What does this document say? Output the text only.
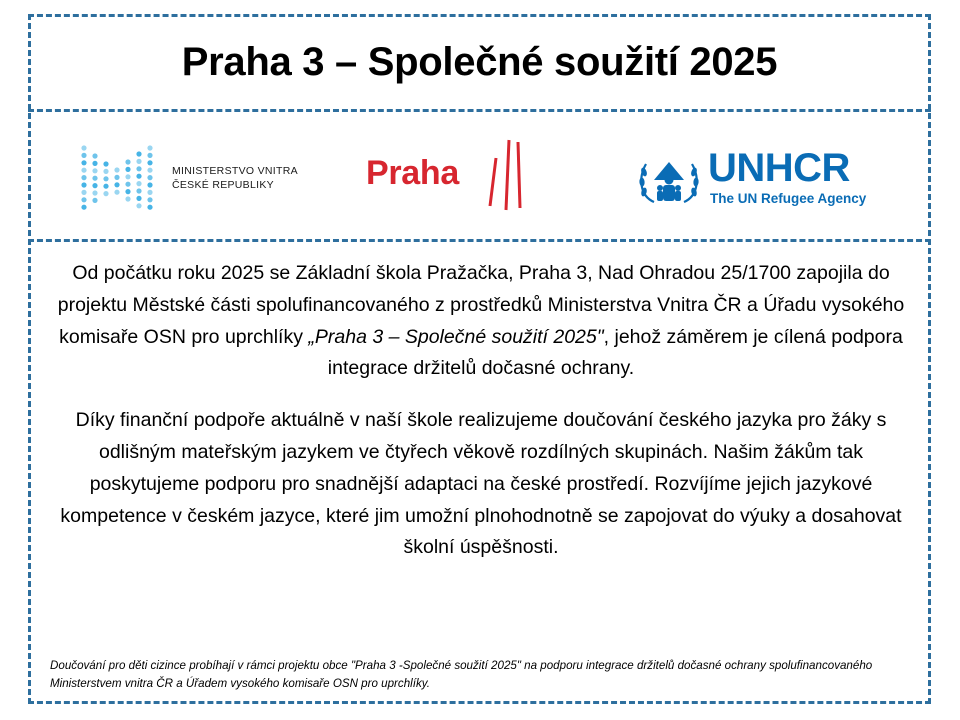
Praha 3 – Společné soužití 2025
MINISTERSTVO VNITRA
ČESKÉ REPUBLIKY	Praha	UNHCR
The UN Refugee Agency

Od počátku roku 2025 se Základní škola Pražačka, Praha 3, Nad Ohradou 25/1700 zapojila do projektu Městské části spolufinancovaného z prostředků Ministerstva Vnitra ČR a Úřadu vysokého komisaře OSN pro uprchlíky „Praha 3 – Společné soužití 2025", jehož záměrem je cílená podpora integrace držitelů dočasné ochrany.

Díky finanční podpoře aktuálně v naší škole realizujeme doučování českého jazyka pro žáky s odlišným mateřským jazykem ve čtyřech věkově rozdílných skupinách. Našim žákům tak poskytujeme podporu pro snadnější adaptaci na české prostředí. Rozvíjíme jejich jazykové kompetence v českém jazyce, které jim umožní plnohodnotně se zapojovat do výuky a dosahovat školní úspěšnosti.

Doučování pro děti cizince probíhají v rámci projektu obce "Praha 3 -Společné soužití 2025" na podporu integrace držitelů dočasné ochrany spolufinancovaného Ministerstvem vnitra ČR a Úřadem vysokého komisaře OSN pro uprchlíky.
